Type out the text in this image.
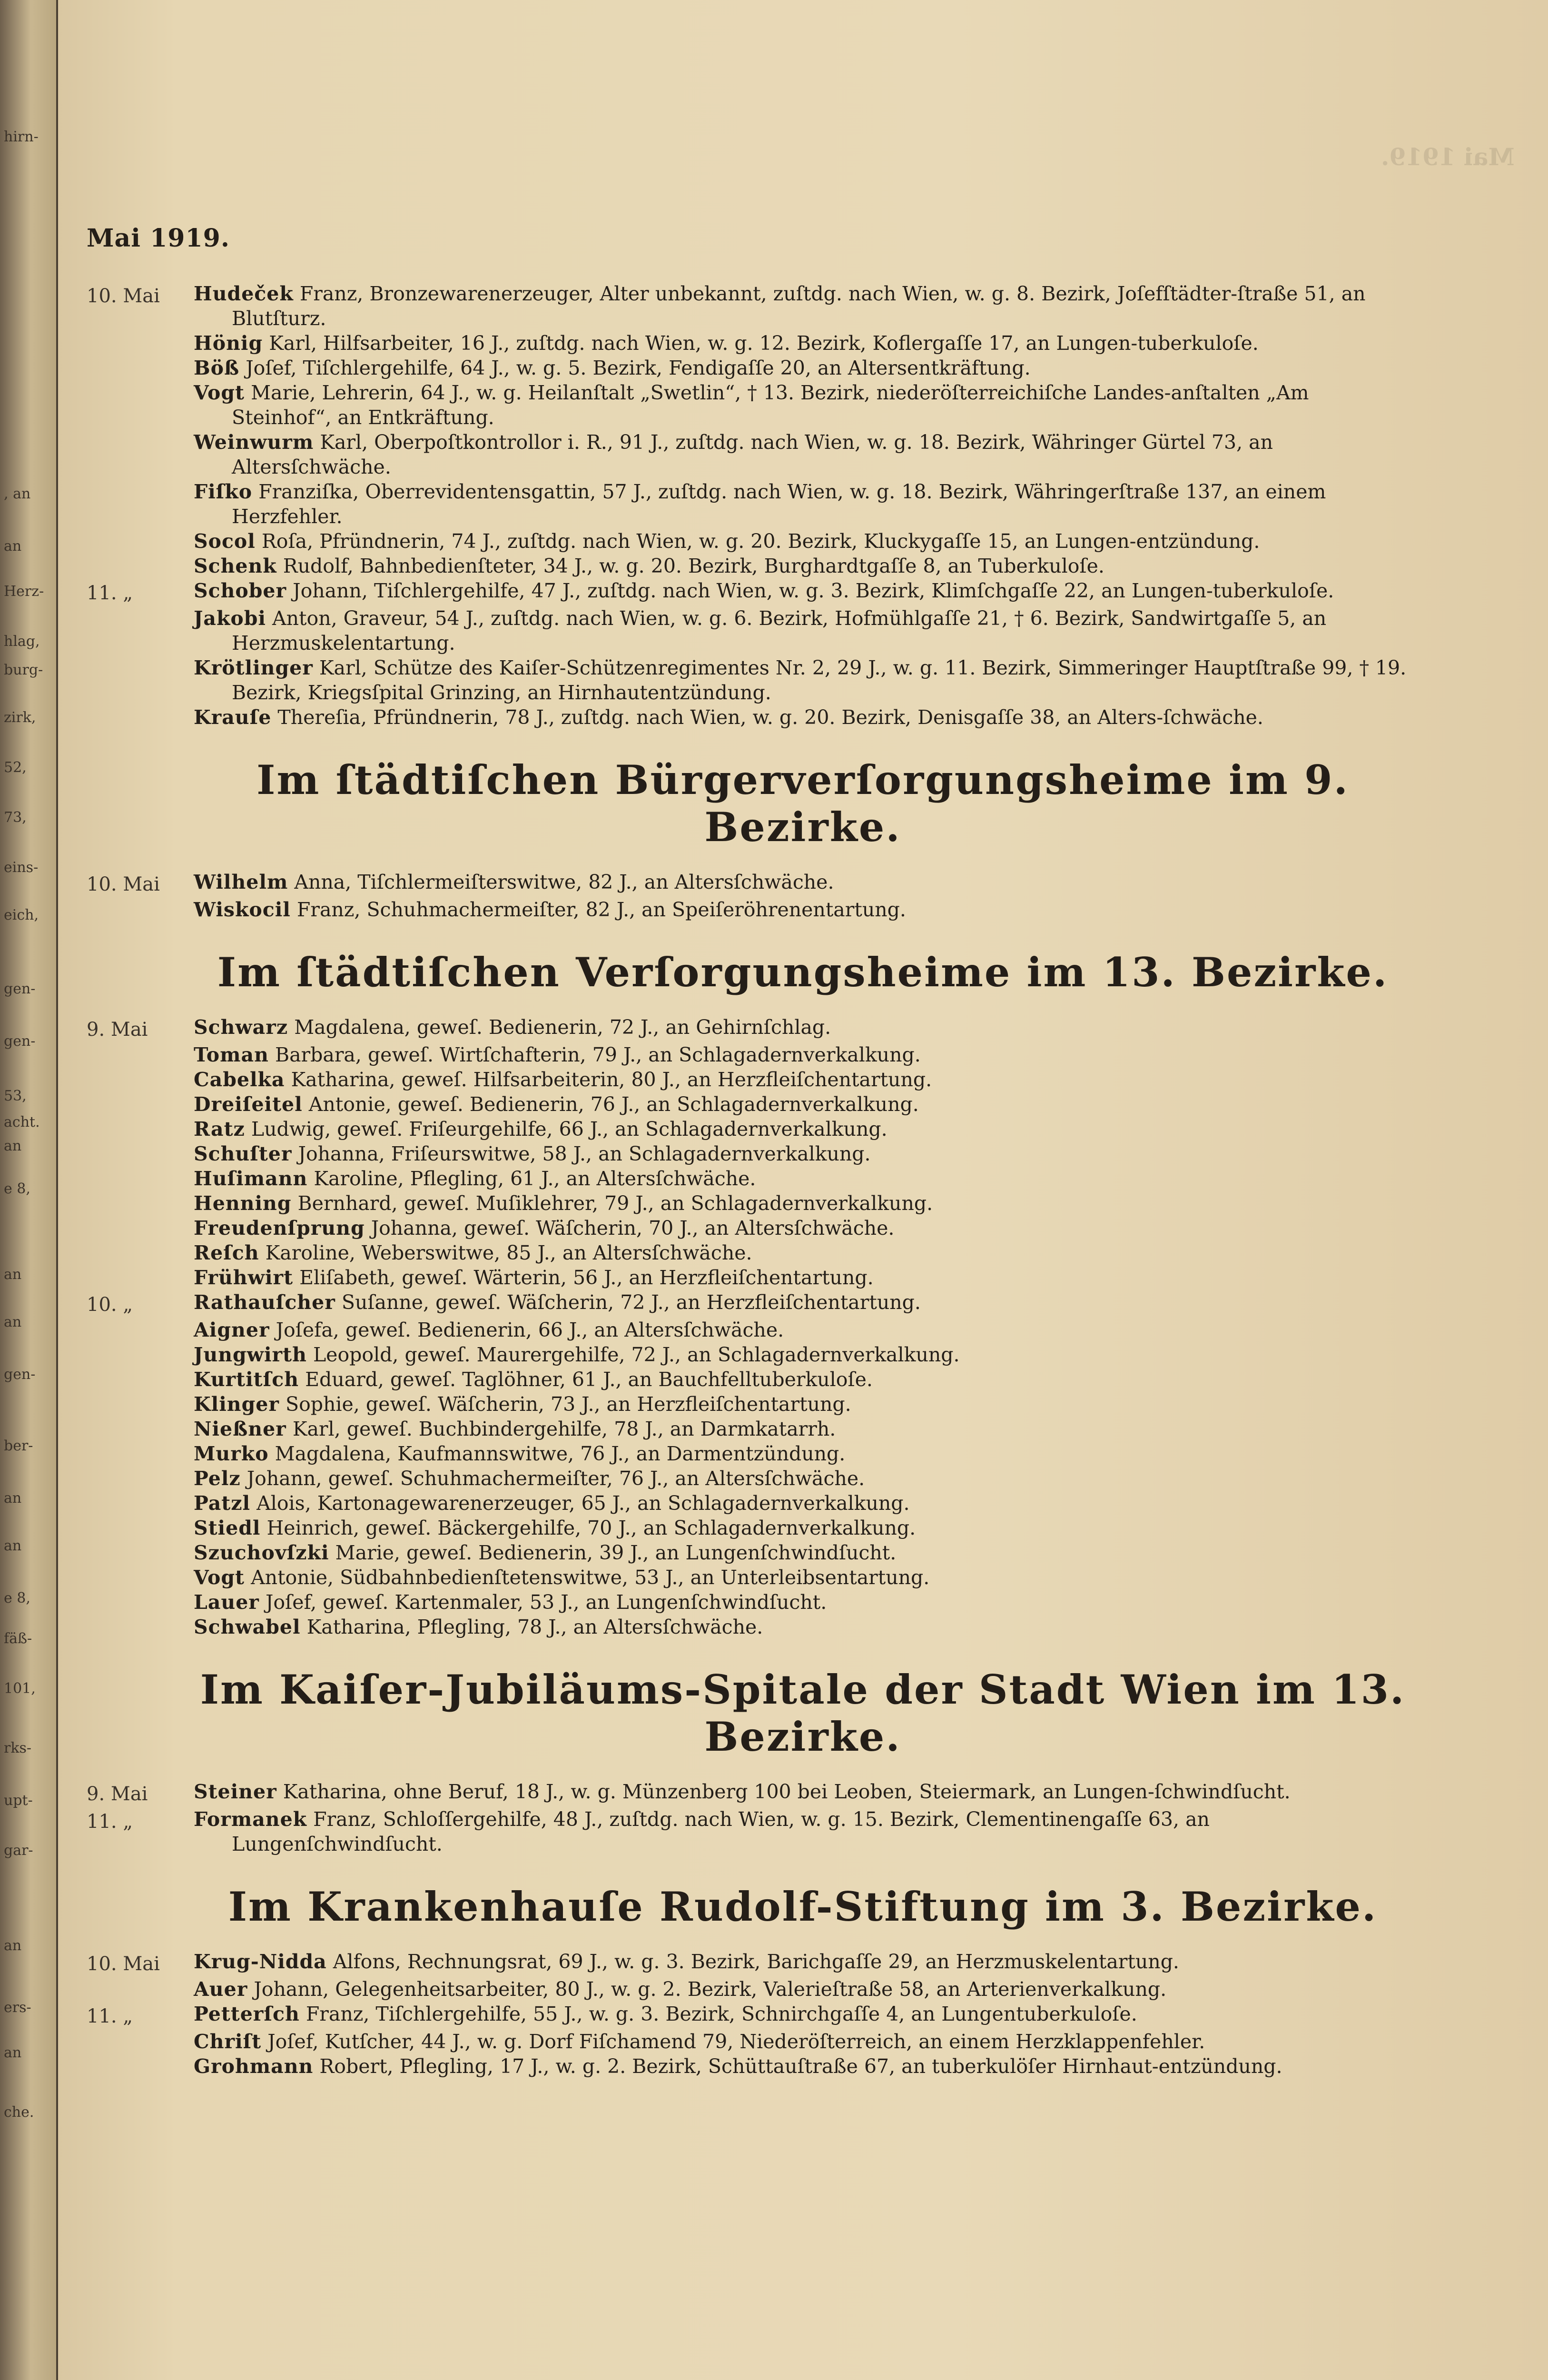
hirn-
, an
an
Herz-
hlag,
burg-
zirk,
52,
73,
eins-
eich,
gen-
gen-
53,
acht.
an
e 8,
an
an
gen-
ber-
an
an
e 8,
fäß-
101,
rks-
upt-
gar-
an
ers-
an
che.
Mai 1919.
Mai 1919.
10. Mai	Hudeček Franz, Bronzewarenerzeuger, Alter unbekannt, zuſtdg. nach Wien, w. g. 8. Bezirk, Joſefſtädter-ſtraße 51, an Blutſturz.
Hönig Karl, Hilfsarbeiter, 16 J., zuſtdg. nach Wien, w. g. 12. Bezirk, Koflergaſſe 17, an Lungen-tuberkuloſe.
Böß Joſef, Tiſchlergehilfe, 64 J., w. g. 5. Bezirk, Fendigaſſe 20, an Altersentkräftung.
Vogt Marie, Lehrerin, 64 J., w. g. Heilanſtalt „Swetlin“, † 13. Bezirk, niederöſterreichiſche Landes-anſtalten „Am Steinhof“, an Entkräftung.
Weinwurm Karl, Oberpoſtkontrollor i. R., 91 J., zuſtdg. nach Wien, w. g. 18. Bezirk, Währinger Gürtel 73, an Altersſchwäche.
Fiſko Franziſka, Oberrevidentensgattin, 57 J., zuſtdg. nach Wien, w. g. 18. Bezirk, Währingerſtraße 137, an einem Herzfehler.
Socol Roſa, Pfründnerin, 74 J., zuſtdg. nach Wien, w. g. 20. Bezirk, Kluckygaſſe 15, an Lungen-entzündung.
Schenk Rudolf, Bahnbedienſteter, 34 J., w. g. 20. Bezirk, Burghardtgaſſe 8, an Tuberkuloſe.
11. „	Schober Johann, Tiſchlergehilfe, 47 J., zuſtdg. nach Wien, w. g. 3. Bezirk, Klimſchgaſſe 22, an Lungen-tuberkuloſe.
Jakobi Anton, Graveur, 54 J., zuſtdg. nach Wien, w. g. 6. Bezirk, Hofmühlgaſſe 21, † 6. Bezirk, Sandwirtgaſſe 5, an Herzmuskelentartung.
Krötlinger Karl, Schütze des Kaiſer-Schützenregimentes Nr. 2, 29 J., w. g. 11. Bezirk, Simmeringer Hauptſtraße 99, † 19. Bezirk, Kriegsſpital Grinzing, an Hirnhautentzündung.
Krauſe Thereſia, Pfründnerin, 78 J., zuſtdg. nach Wien, w. g. 20. Bezirk, Denisgaſſe 38, an Alters-ſchwäche.
Im ſtädtiſchen Bürgerverſorgungsheime im 9. Bezirke.
10. Mai	Wilhelm Anna, Tiſchlermeiſterswitwe, 82 J., an Altersſchwäche.
Wiskocil Franz, Schuhmachermeiſter, 82 J., an Speiſeröhrenentartung.
Im ſtädtiſchen Verſorgungsheime im 13. Bezirke.
9. Mai	Schwarz Magdalena, geweſ. Bedienerin, 72 J., an Gehirnſchlag.
Toman Barbara, geweſ. Wirtſchafterin, 79 J., an Schlagadernverkalkung.
Cabelka Katharina, geweſ. Hilfsarbeiterin, 80 J., an Herzfleiſchentartung.
Dreiſeitel Antonie, geweſ. Bedienerin, 76 J., an Schlagadernverkalkung.
Ratz Ludwig, geweſ. Friſeurgehilfe, 66 J., an Schlagadernverkalkung.
Schuſter Johanna, Friſeurswitwe, 58 J., an Schlagadernverkalkung.
Huſimann Karoline, Pflegling, 61 J., an Altersſchwäche.
Henning Bernhard, geweſ. Muſiklehrer, 79 J., an Schlagadernverkalkung.
Freudenſprung Johanna, geweſ. Wäſcherin, 70 J., an Altersſchwäche.
Reſch Karoline, Weberswitwe, 85 J., an Altersſchwäche.
Frühwirt Eliſabeth, geweſ. Wärterin, 56 J., an Herzfleiſchentartung.
10. „	Rathauſcher Suſanne, geweſ. Wäſcherin, 72 J., an Herzfleiſchentartung.
Aigner Joſefa, geweſ. Bedienerin, 66 J., an Altersſchwäche.
Jungwirth Leopold, geweſ. Maurergehilfe, 72 J., an Schlagadernverkalkung.
Kurtitſch Eduard, geweſ. Taglöhner, 61 J., an Bauchfelltuberkuloſe.
Klinger Sophie, geweſ. Wäſcherin, 73 J., an Herzfleiſchentartung.
Nießner Karl, geweſ. Buchbindergehilfe, 78 J., an Darmkatarrh.
Murko Magdalena, Kaufmannswitwe, 76 J., an Darmentzündung.
Pelz Johann, geweſ. Schuhmachermeiſter, 76 J., an Altersſchwäche.
Patzl Alois, Kartonagewarenerzeuger, 65 J., an Schlagadernverkalkung.
Stiedl Heinrich, geweſ. Bäckergehilfe, 70 J., an Schlagadernverkalkung.
Szuchovſzki Marie, geweſ. Bedienerin, 39 J., an Lungenſchwindſucht.
Vogt Antonie, Südbahnbedienſtetenswitwe, 53 J., an Unterleibsentartung.
Lauer Joſef, geweſ. Kartenmaler, 53 J., an Lungenſchwindſucht.
Schwabel Katharina, Pflegling, 78 J., an Altersſchwäche.
Im Kaiſer-Jubiläums-Spitale der Stadt Wien im 13. Bezirke.
9. Mai	Steiner Katharina, ohne Beruf, 18 J., w. g. Münzenberg 100 bei Leoben, Steiermark, an Lungen-ſchwindſucht.
11. „	Formanek Franz, Schloſſergehilfe, 48 J., zuſtdg. nach Wien, w. g. 15. Bezirk, Clementinengaſſe 63, an Lungenſchwindſucht.
Im Krankenhauſe Rudolf-Stiftung im 3. Bezirke.
10. Mai	Krug-Nidda Alfons, Rechnungsrat, 69 J., w. g. 3. Bezirk, Barichgaſſe 29, an Herzmuskelentartung.
Auer Johann, Gelegenheitsarbeiter, 80 J., w. g. 2. Bezirk, Valerieſtraße 58, an Arterienverkalkung.
11. „	Petterſch Franz, Tiſchlergehilfe, 55 J., w. g. 3. Bezirk, Schnirchgaſſe 4, an Lungentuberkuloſe.
Chriſt Joſef, Kutſcher, 44 J., w. g. Dorf Fiſchamend 79, Niederöſterreich, an einem Herzklappenfehler.
Grohmann Robert, Pflegling, 17 J., w. g. 2. Bezirk, Schüttauſtraße 67, an tuberkulöſer Hirnhaut-entzündung.
